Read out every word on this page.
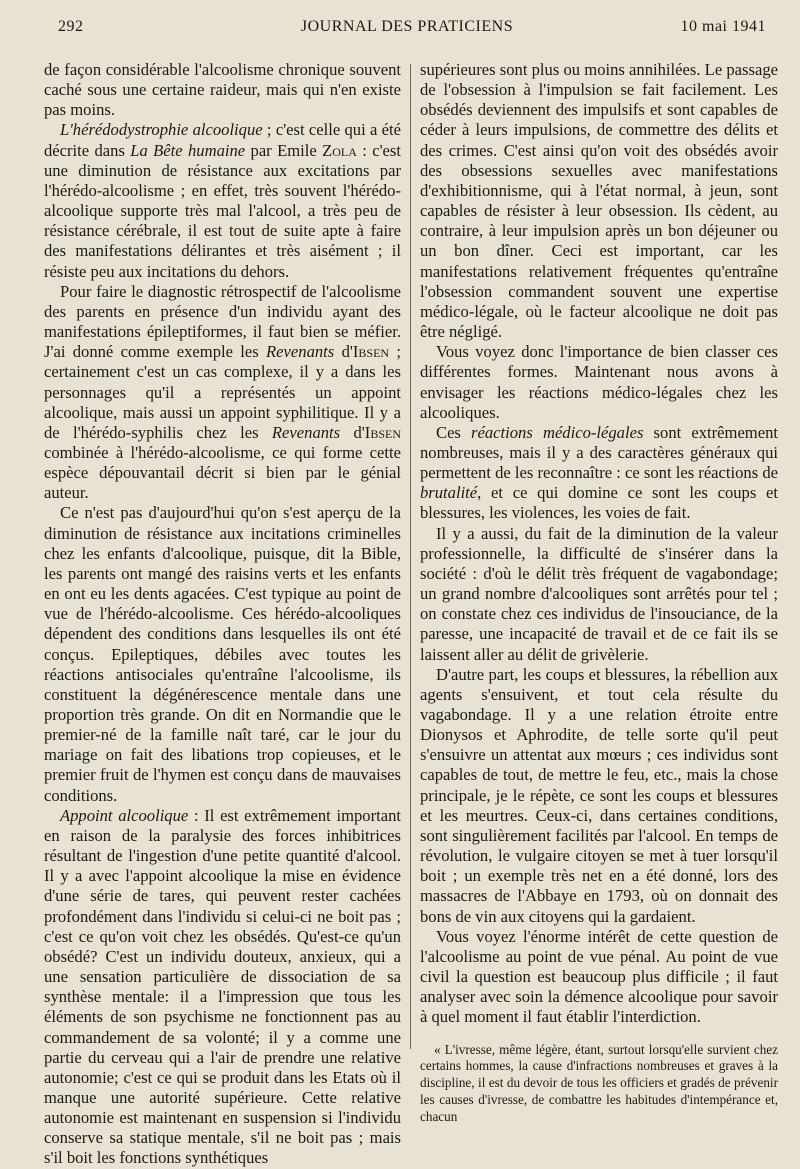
292	JOURNAL DES PRATICIENS	10 mai 1941

de façon considérable l'alcoolisme chronique souvent caché sous une certaine raideur, mais qui n'en existe pas moins.

L'hérédodystrophie alcoolique ; c'est celle qui a été décrite dans La Bête humaine par Emile Zola : c'est une diminution de résistance aux excitations par l'hérédo-alcoolisme ; en effet, très souvent l'hérédo-alcoolique supporte très mal l'alcool, a très peu de résistance cérébrale, il est tout de suite apte à faire des manifestations délirantes et très aisément ; il résiste peu aux incitations du dehors.

Pour faire le diagnostic rétrospectif de l'alcoolisme des parents en présence d'un individu ayant des manifestations épileptiformes, il faut bien se méfier. J'ai donné comme exemple les Revenants d'Ibsen ; certainement c'est un cas complexe, il y a dans les personnages qu'il a représentés un appoint alcoolique, mais aussi un appoint syphilitique. Il y a de l'hérédo-syphilis chez les Revenants d'Ibsen combinée à l'hérédo-alcoolisme, ce qui forme cette espèce dépouvantail décrit si bien par le génial auteur.

Ce n'est pas d'aujourd'hui qu'on s'est aperçu de la diminution de résistance aux incitations criminelles chez les enfants d'alcoolique, puisque, dit la Bible, les parents ont mangé des raisins verts et les enfants en ont eu les dents agacées. C'est typique au point de vue de l'hérédo-alcoolisme. Ces hérédo-alcooliques dépendent des conditions dans lesquelles ils ont été conçus. Epileptiques, débiles avec toutes les réactions antisociales qu'entraîne l'alcoolisme, ils constituent la dégénérescence mentale dans une proportion très grande. On dit en Normandie que le premier-né de la famille naît taré, car le jour du mariage on fait des libations trop copieuses, et le premier fruit de l'hymen est conçu dans de mauvaises conditions.

Appoint alcoolique : Il est extrêmement important en raison de la paralysie des forces inhibitrices résultant de l'ingestion d'une petite quantité d'alcool. Il y a avec l'appoint alcoolique la mise en évidence d'une série de tares, qui peuvent rester cachées profondément dans l'individu si celui-ci ne boit pas ; c'est ce qu'on voit chez les obsédés. Qu'est-ce qu'un obsédé? C'est un individu douteux, anxieux, qui a une sensation particulière de dissociation de sa synthèse mentale: il a l'impression que tous les éléments de son psychisme ne fonctionnent pas au commandement de sa volonté; il y a comme une partie du cerveau qui a l'air de prendre une relative autonomie; c'est ce qui se produit dans les Etats où il manque une autorité supérieure. Cette relative autonomie est maintenant en suspension si l'individu conserve sa statique mentale, s'il ne boit pas ; mais s'il boit les fonctions synthétiques

supérieures sont plus ou moins annihilées. Le passage de l'obsession à l'impulsion se fait facilement. Les obsédés deviennent des impulsifs et sont capables de céder à leurs impulsions, de commettre des délits et des crimes. C'est ainsi qu'on voit des obsédés avoir des obsessions sexuelles avec manifestations d'exhibitionnisme, qui à l'état normal, à jeun, sont capables de résister à leur obsession. Ils cèdent, au contraire, à leur impulsion après un bon déjeuner ou un bon dîner. Ceci est important, car les manifestations relativement fréquentes qu'entraîne l'obsession commandent souvent une expertise médico-légale, où le facteur alcoolique ne doit pas être négligé.

Vous voyez donc l'importance de bien classer ces différentes formes. Maintenant nous avons à envisager les réactions médico-légales chez les alcooliques.

Ces réactions médico-légales sont extrêmement nombreuses, mais il y a des caractères généraux qui permettent de les reconnaître : ce sont les réactions de brutalité, et ce qui domine ce sont les coups et blessures, les violences, les voies de fait.

Il y a aussi, du fait de la diminution de la valeur professionnelle, la difficulté de s'insérer dans la société : d'où le délit très fréquent de vagabondage; un grand nombre d'alcooliques sont arrêtés pour tel ; on constate chez ces individus de l'insouciance, de la paresse, une incapacité de travail et de ce fait ils se laissent aller au délit de grivèlerie.

D'autre part, les coups et blessures, la rébellion aux agents s'ensuivent, et tout cela résulte du vagabondage. Il y a une relation étroite entre Dionysos et Aphrodite, de telle sorte qu'il peut s'ensuivre un attentat aux mœurs ; ces individus sont capables de tout, de mettre le feu, etc., mais la chose principale, je le répète, ce sont les coups et blessures et les meurtres. Ceux-ci, dans certaines conditions, sont singulièrement facilités par l'alcool. En temps de révolution, le vulgaire citoyen se met à tuer lorsqu'il boit ; un exemple très net en a été donné, lors des massacres de l'Abbaye en 1793, où on donnait des bons de vin aux citoyens qui la gardaient.

Vous voyez l'énorme intérêt de cette question de l'alcoolisme au point de vue pénal. Au point de vue civil la question est beaucoup plus difficile ; il faut analyser avec soin la démence alcoolique pour savoir à quel moment il faut établir l'interdiction.

« L'ivresse, même légère, étant, surtout lorsqu'elle survient chez certains hommes, la cause d'infractions nombreuses et graves à la discipline, il est du devoir de tous les officiers et gradés de prévenir les causes d'ivresse, de combattre les habitudes d'intempérance et, chacun
